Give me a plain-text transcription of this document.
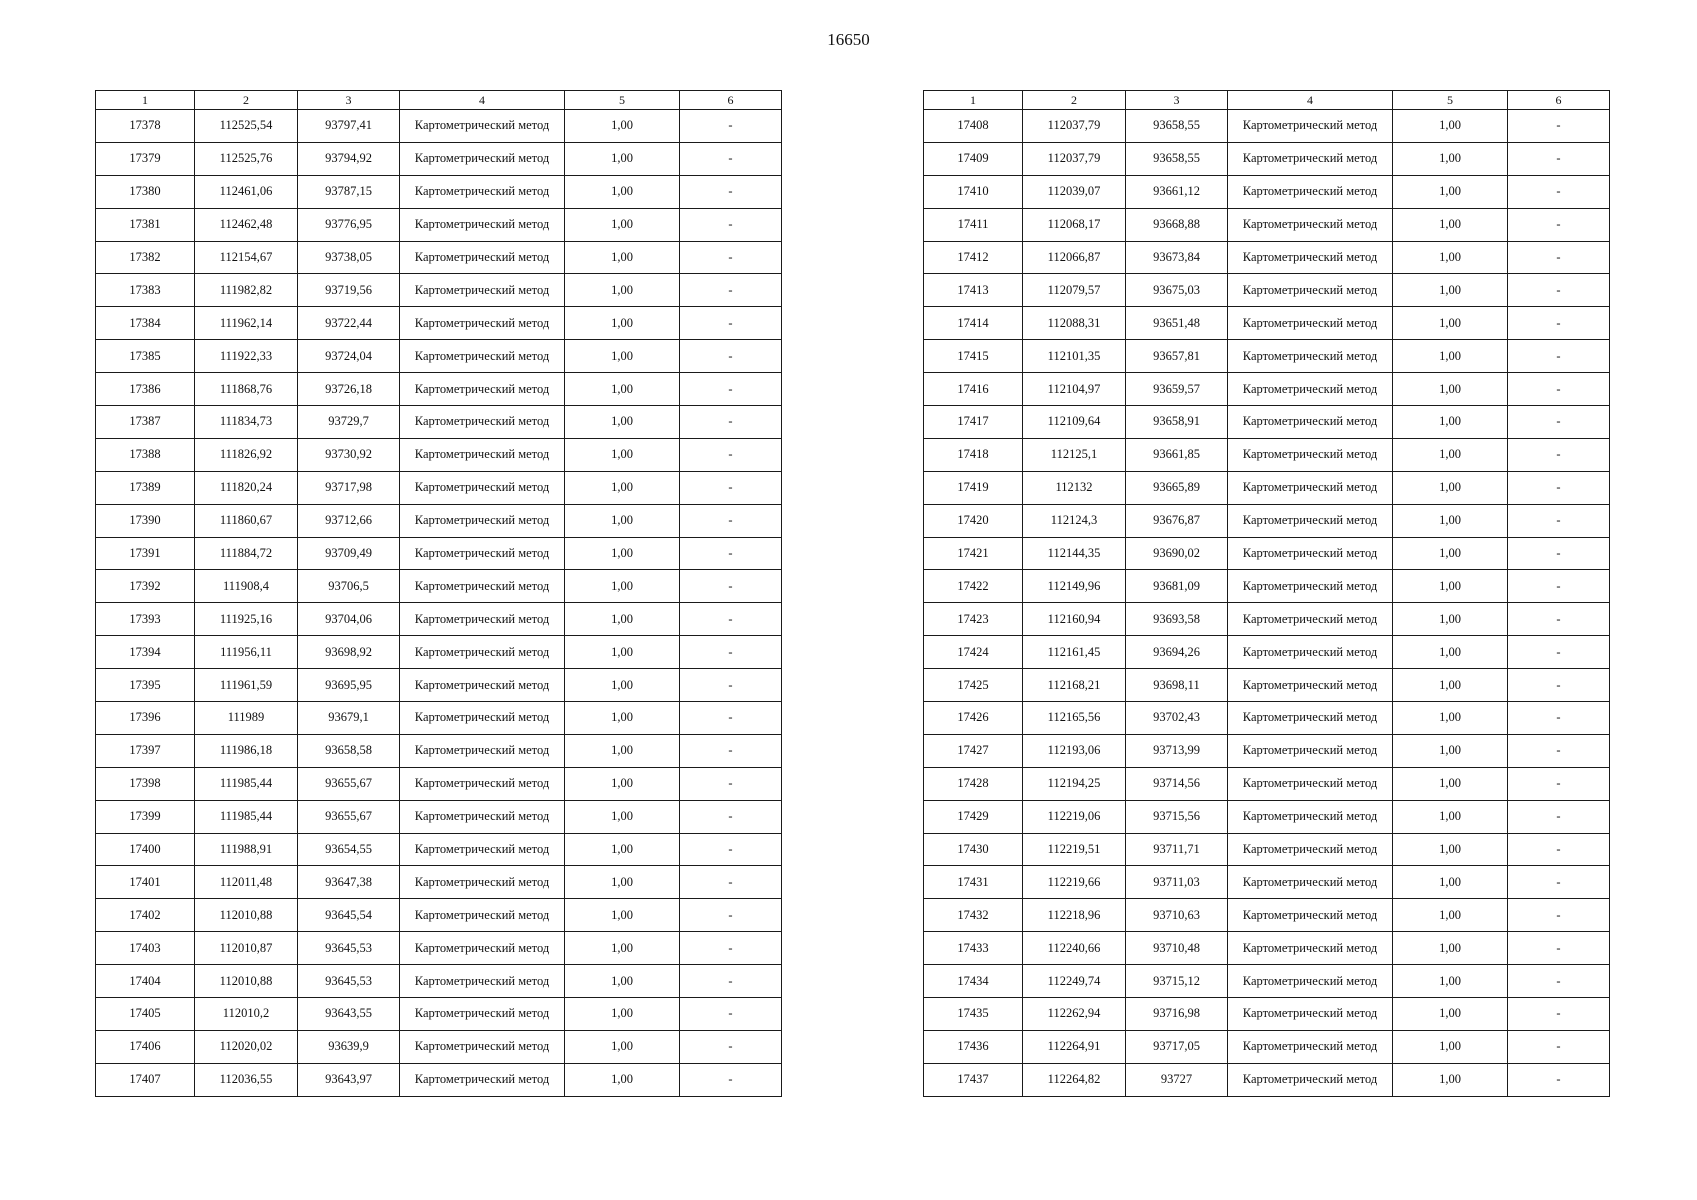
16650
1	2	3	4	5	6
17378	112525,54	93797,41	Картометрический метод	1,00	-
17379	112525,76	93794,92	Картометрический метод	1,00	-
17380	112461,06	93787,15	Картометрический метод	1,00	-
17381	112462,48	93776,95	Картометрический метод	1,00	-
17382	112154,67	93738,05	Картометрический метод	1,00	-
17383	111982,82	93719,56	Картометрический метод	1,00	-
17384	111962,14	93722,44	Картометрический метод	1,00	-
17385	111922,33	93724,04	Картометрический метод	1,00	-
17386	111868,76	93726,18	Картометрический метод	1,00	-
17387	111834,73	93729,7	Картометрический метод	1,00	-
17388	111826,92	93730,92	Картометрический метод	1,00	-
17389	111820,24	93717,98	Картометрический метод	1,00	-
17390	111860,67	93712,66	Картометрический метод	1,00	-
17391	111884,72	93709,49	Картометрический метод	1,00	-
17392	111908,4	93706,5	Картометрический метод	1,00	-
17393	111925,16	93704,06	Картометрический метод	1,00	-
17394	111956,11	93698,92	Картометрический метод	1,00	-
17395	111961,59	93695,95	Картометрический метод	1,00	-
17396	111989	93679,1	Картометрический метод	1,00	-
17397	111986,18	93658,58	Картометрический метод	1,00	-
17398	111985,44	93655,67	Картометрический метод	1,00	-
17399	111985,44	93655,67	Картометрический метод	1,00	-
17400	111988,91	93654,55	Картометрический метод	1,00	-
17401	112011,48	93647,38	Картометрический метод	1,00	-
17402	112010,88	93645,54	Картометрический метод	1,00	-
17403	112010,87	93645,53	Картометрический метод	1,00	-
17404	112010,88	93645,53	Картометрический метод	1,00	-
17405	112010,2	93643,55	Картометрический метод	1,00	-
17406	112020,02	93639,9	Картометрический метод	1,00	-
17407	112036,55	93643,97	Картометрический метод	1,00	-
1	2	3	4	5	6
17408	112037,79	93658,55	Картометрический метод	1,00	-
17409	112037,79	93658,55	Картометрический метод	1,00	-
17410	112039,07	93661,12	Картометрический метод	1,00	-
17411	112068,17	93668,88	Картометрический метод	1,00	-
17412	112066,87	93673,84	Картометрический метод	1,00	-
17413	112079,57	93675,03	Картометрический метод	1,00	-
17414	112088,31	93651,48	Картометрический метод	1,00	-
17415	112101,35	93657,81	Картометрический метод	1,00	-
17416	112104,97	93659,57	Картометрический метод	1,00	-
17417	112109,64	93658,91	Картометрический метод	1,00	-
17418	112125,1	93661,85	Картометрический метод	1,00	-
17419	112132	93665,89	Картометрический метод	1,00	-
17420	112124,3	93676,87	Картометрический метод	1,00	-
17421	112144,35	93690,02	Картометрический метод	1,00	-
17422	112149,96	93681,09	Картометрический метод	1,00	-
17423	112160,94	93693,58	Картометрический метод	1,00	-
17424	112161,45	93694,26	Картометрический метод	1,00	-
17425	112168,21	93698,11	Картометрический метод	1,00	-
17426	112165,56	93702,43	Картометрический метод	1,00	-
17427	112193,06	93713,99	Картометрический метод	1,00	-
17428	112194,25	93714,56	Картометрический метод	1,00	-
17429	112219,06	93715,56	Картометрический метод	1,00	-
17430	112219,51	93711,71	Картометрический метод	1,00	-
17431	112219,66	93711,03	Картометрический метод	1,00	-
17432	112218,96	93710,63	Картометрический метод	1,00	-
17433	112240,66	93710,48	Картометрический метод	1,00	-
17434	112249,74	93715,12	Картометрический метод	1,00	-
17435	112262,94	93716,98	Картометрический метод	1,00	-
17436	112264,91	93717,05	Картометрический метод	1,00	-
17437	112264,82	93727	Картометрический метод	1,00	-
